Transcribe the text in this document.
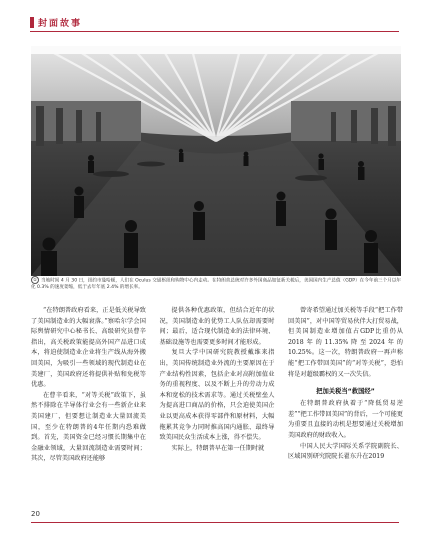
封面故事
① 当地时间 4 月 30 日，纽约市曼哈顿，人们在 Oculus 交通枢纽和购物中心内走动。在特朗普总统对许多外国商品加征新关税后，美国国内生产总值（GDP）在今年前三个月以年化 0.3% 的速度萎缩，低于去年年底 2.4% 的增长率。

“在特朗普政府看来，正是低关税导致了美国制造业的大幅衰落。”察哈尔学会国际舆情研究中心秘书长、高级研究员曹辛指出，高关税政策能提高外国产品进口成本，将迫使制造业企业将生产线从海外搬回美国，为吸引一些领域的现代制造业在美建厂，美国政府还将提供补贴和免税等优惠。

在曹辛看来，“对等关税”政策下，虽然不排除在半导体行业会有一些新企业来美国建厂，但要想让制造业大量回流美国，至少在特朗普的4年任期内恐难做到。首先，美国资金已经习惯长期集中在金融业领域，大量回流制造业需要时间；其次，尽管美国政府还能够

提供各种优惠政策，但结合近年的状况，美国制造业的优势工人队伍却需要时间；最后，适合现代制造业的法律环境、基础设施等也需要更多时间才能形成。

复旦大学中国研究院教授戴维来指出，美国传统制造业外流的主要原因在于产业结构性因素，包括企业对高附加值业务的重视程度、以及不断上升的劳动力成本和宽松的技术需求等。通过关税壁垒人为提高进口商品的价格，只会迫使美国企业以更高成本获得零部件和原材料，大幅拖累其竞争力同时推高国内通胀、最终导致美国民众生活成本上涨，得不偿失。

实际上，特朗普早在第一任期时就

曾寄希望通过加关税等手段“把工作带回美国”，对中国等贸易伙伴大打贸易战，但美国制造业增加值占GDP比重仍从2018年的11.35%降至2024年的10.25%。这一次，特朗普政府一再声称能“把工作带回美国”的“对等关税”，恐怕将是对超级霸权的又一次失信。

把加关税当“救国经”

在特朗普政府执着于“降低贸易逆差”“把工作带回美国”的背后，一个可能更为重要且直接的动机是想要通过关税增加美国政府的财政收入。

中国人民大学国际关系学院副院长、区域国别研究院院长翟东升在2019

20
